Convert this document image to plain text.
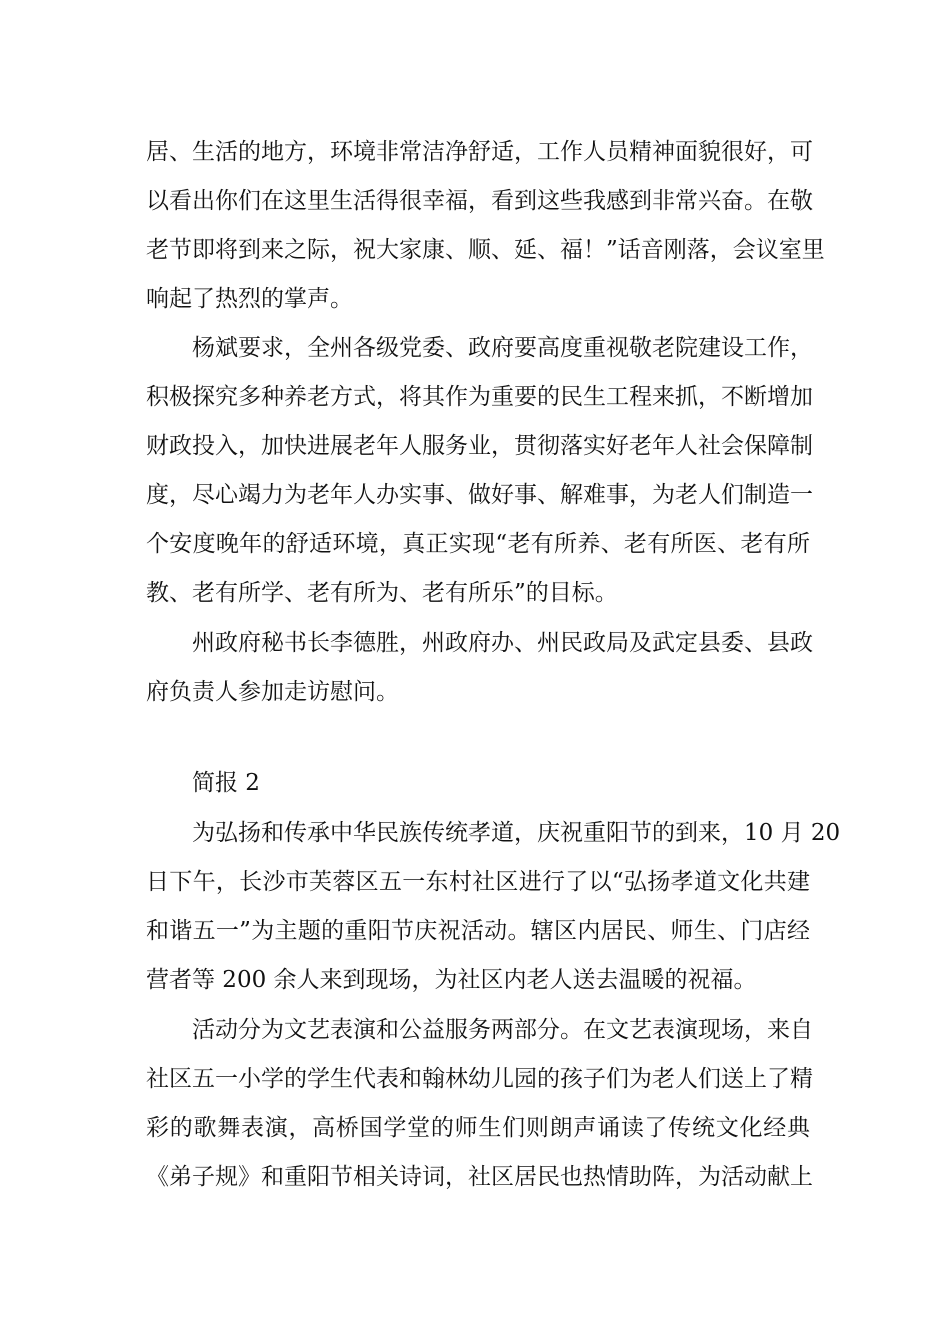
居、生活的地方，环境非常洁净舒适，工作人员精神面貌很好，可
以看出你们在这里生活得很幸福，看到这些我感到非常兴奋。在敬
老节即将到来之际，祝大家康、顺、延、福！”话音刚落，会议室里
响起了热烈的掌声。
杨斌要求，全州各级党委、政府要高度重视敬老院建设工作，
积极探究多种养老方式，将其作为重要的民生工程来抓，不断增加
财政投入，加快进展老年人服务业，贯彻落实好老年人社会保障制
度，尽心竭力为老年人办实事、做好事、解难事，为老人们制造一
个安度晚年的舒适环境，真正实现“老有所养、老有所医、老有所
教、老有所学、老有所为、老有所乐”的目标。
州政府秘书长李德胜，州政府办、州民政局及武定县委、县政
府负责人参加走访慰问。
简报 2
为弘扬和传承中华民族传统孝道，庆祝重阳节的到来，10 月 20
日下午，长沙市芙蓉区五一东村社区进行了以“弘扬孝道文化共建
和谐五一”为主题的重阳节庆祝活动。辖区内居民、师生、门店经
营者等 200 余人来到现场，为社区内老人送去温暖的祝福。
活动分为文艺表演和公益服务两部分。在文艺表演现场，来自
社区五一小学的学生代表和翰林幼儿园的孩子们为老人们送上了精
彩的歌舞表演，高桥国学堂的师生们则朗声诵读了传统文化经典
《弟子规》和重阳节相关诗词，社区居民也热情助阵，为活动献上
